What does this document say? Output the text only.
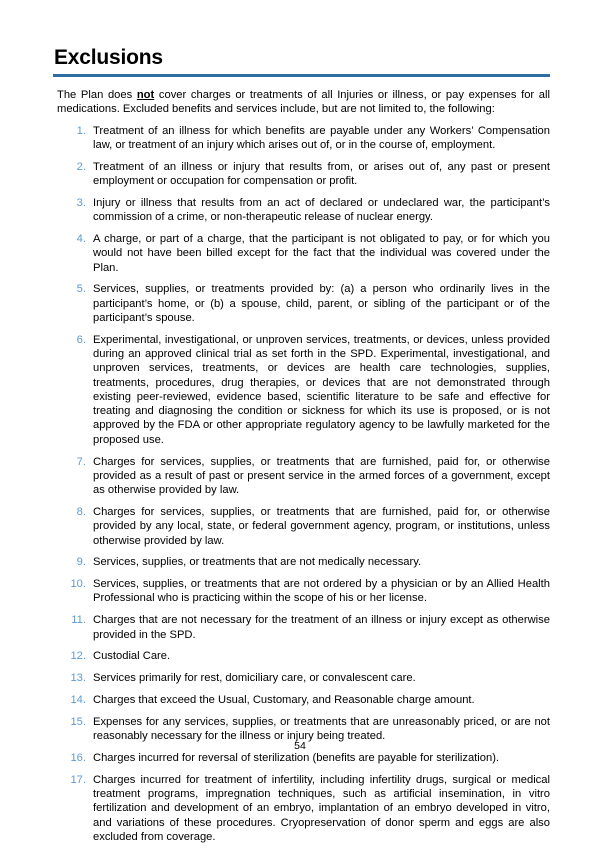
Exclusions

The Plan does not cover charges or treatments of all Injuries or illness, or pay expenses for all medications. Excluded benefits and services include, but are not limited to, the following:

1. Treatment of an illness for which benefits are payable under any Workers’ Compensation law, or treatment of an injury which arises out of, or in the course of, employment.
2. Treatment of an illness or injury that results from, or arises out of, any past or present employment or occupation for compensation or profit.
3. Injury or illness that results from an act of declared or undeclared war, the participant’s commission of a crime, or non-therapeutic release of nuclear energy.
4. A charge, or part of a charge, that the participant is not obligated to pay, or for which you would not have been billed except for the fact that the individual was covered under the Plan.
5. Services, supplies, or treatments provided by: (a) a person who ordinarily lives in the participant’s home, or (b) a spouse, child, parent, or sibling of the participant or of the participant’s spouse.
6. Experimental, investigational, or unproven services, treatments, or devices, unless provided during an approved clinical trial as set forth in the SPD. Experimental, investigational, and unproven services, treatments, or devices are health care technologies, supplies, treatments, procedures, drug therapies, or devices that are not demonstrated through existing peer-reviewed, evidence based, scientific literature to be safe and effective for treating and diagnosing the condition or sickness for which its use is proposed, or is not approved by the FDA or other appropriate regulatory agency to be lawfully marketed for the proposed use.
7. Charges for services, supplies, or treatments that are furnished, paid for, or otherwise provided as a result of past or present service in the armed forces of a government, except as otherwise provided by law.
8. Charges for services, supplies, or treatments that are furnished, paid for, or otherwise provided by any local, state, or federal government agency, program, or institutions, unless otherwise provided by law.
9. Services, supplies, or treatments that are not medically necessary.
10. Services, supplies, or treatments that are not ordered by a physician or by an Allied Health Professional who is practicing within the scope of his or her license.
11. Charges that are not necessary for the treatment of an illness or injury except as otherwise provided in the SPD.
12. Custodial Care.
13. Services primarily for rest, domiciliary care, or convalescent care.
14. Charges that exceed the Usual, Customary, and Reasonable charge amount.
15. Expenses for any services, supplies, or treatments that are unreasonably priced, or are not reasonably necessary for the illness or injury being treated.
16. Charges incurred for reversal of sterilization (benefits are payable for sterilization).
17. Charges incurred for treatment of infertility, including infertility drugs, surgical or medical treatment programs, impregnation techniques, such as artificial insemination, in vitro fertilization and development of an embryo, implantation of an embryo developed in vitro, and variations of these procedures. Cryopreservation of donor sperm and eggs are also excluded from coverage.
54
